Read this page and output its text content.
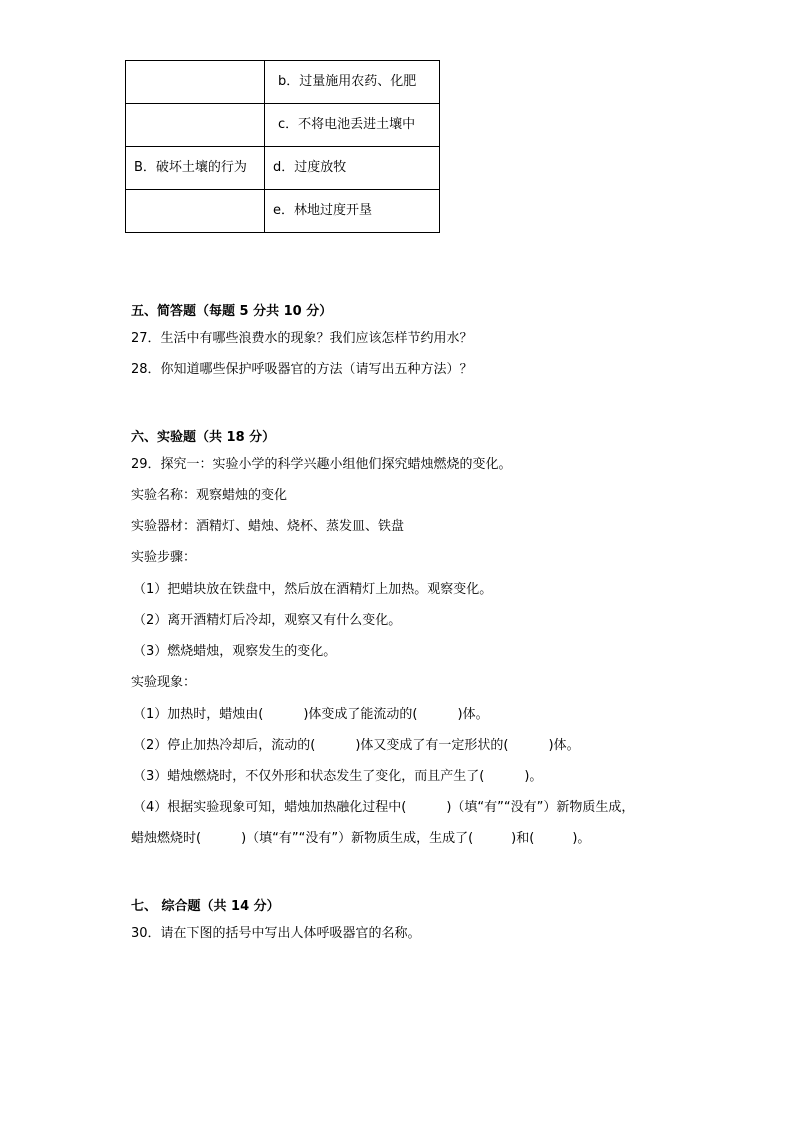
	b．过量施用农药、化肥
	c．不将电池丢进土壤中
B．破坏土壤的行为	d．过度放牧
	e．林地过度开垦
五、简答题（每题 5 分共 10 分）
27．生活中有哪些浪费水的现象？我们应该怎样节约用水？
28．你知道哪些保护呼吸器官的方法（请写出五种方法）？
六、实验题（共 18 分）
29．探究一：实验小学的科学兴趣小组他们探究蜡烛燃烧的变化。
实验名称：观察蜡烛的变化
实验器材：酒精灯、蜡烛、烧杯、蒸发皿、铁盘
实验步骤：
（1）把蜡块放在铁盘中，然后放在酒精灯上加热。观察变化。
（2）离开酒精灯后冷却，观察又有什么变化。
（3）燃烧蜡烛，观察发生的变化。
实验现象：
（1）加热时，蜡烛由(	)体变成了能流动的(	)体。
（2）停止加热冷却后，流动的(	)体又变成了有一定形状的(	)体。
（3）蜡烛燃烧时，不仅外形和状态发生了变化，而且产生了(	)。
（4）根据实验现象可知，蜡烛加热融化过程中(	)（填“有”“没有”）新物质生成，
蜡烛燃烧时(	)（填“有”“没有”）新物质生成，生成了(	)和(	)。
七、 综合题（共 14 分）
30．请在下图的括号中写出人体呼吸器官的名称。
